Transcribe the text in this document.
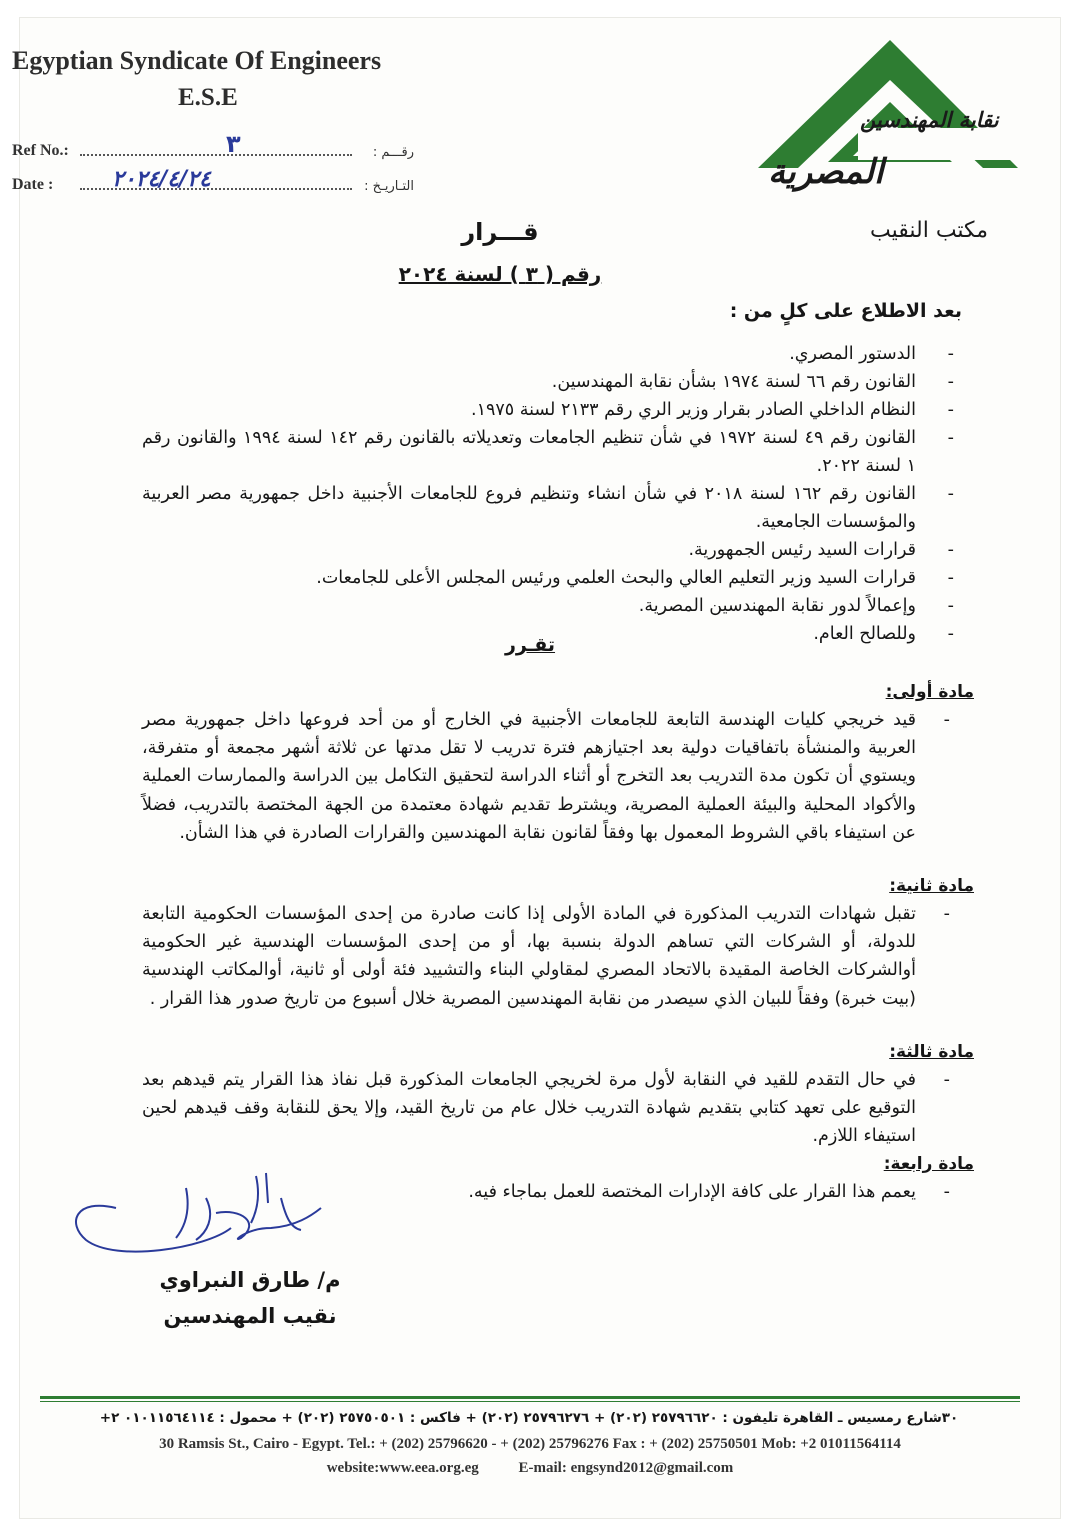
Egyptian Syndicate Of Engineers
E.S.E
Ref No.:	٣	رقـــم :
Date :	٢٠٢٤/٤/٢٤	التـاريـخ :
نقابة المهندسين
المصرية
مكتب النقيب
قـــرار
رقم ( ٣ ) لسنة ٢٠٢٤
بعد الاطلاع على كلٍ من :
- الدستور المصري.
- القانون رقم ٦٦ لسنة ١٩٧٤ بشأن نقابة المهندسين.
- النظام الداخلي الصادر بقرار وزير الري رقم ٢١٣٣ لسنة ١٩٧٥.
- القانون رقم ٤٩ لسنة ١٩٧٢ في شأن تنظيم الجامعات وتعديلاته بالقانون رقم ١٤٢ لسنة ١٩٩٤ والقانون رقم ١ لسنة ٢٠٢٢.
- القانون رقم ١٦٢ لسنة ٢٠١٨ في شأن انشاء وتنظيم فروع للجامعات الأجنبية داخل جمهورية مصر العربية والمؤسسات الجامعية.
- قرارات السيد رئيس الجمهورية.
- قرارات السيد وزير التعليم العالي والبحث العلمي ورئيس المجلس الأعلى للجامعات.
- وإعمالاً لدور نقابة المهندسين المصرية.
- وللصالح العام.
تقـرر
مادة أولى:
- قيد خريجي كليات الهندسة التابعة للجامعات الأجنبية في الخارج أو من أحد فروعها داخل جمهورية مصر العربية والمنشأة باتفاقيات دولية بعد اجتيازهم فترة تدريب لا تقل مدتها عن ثلاثة أشهر مجمعة أو متفرقة، ويستوي أن تكون مدة التدريب بعد التخرج أو أثناء الدراسة لتحقيق التكامل بين الدراسة والممارسات العملية والأكواد المحلية والبيئة العملية المصرية، ويشترط تقديم شهادة معتمدة من الجهة المختصة بالتدريب، فضلاً عن استيفاء باقي الشروط المعمول بها وفقاً لقانون نقابة المهندسين والقرارات الصادرة في هذا الشأن.
مادة ثانية:
- تقبل شهادات التدريب المذكورة في المادة الأولى إذا كانت صادرة من إحدى المؤسسات الحكومية التابعة للدولة، أو الشركات التي تساهم الدولة بنسبة بها، أو من إحدى المؤسسات الهندسية غير الحكومية أوالشركات الخاصة المقيدة بالاتحاد المصري لمقاولي البناء والتشييد فئة أولى أو ثانية، أوالمكاتب الهندسية (بيت خبرة) وفقاً للبيان الذي سيصدر من نقابة المهندسين المصرية خلال أسبوع من تاريخ صدور هذا القرار .
مادة ثالثة:
- في حال التقدم للقيد في النقابة لأول مرة لخريجي الجامعات المذكورة قبل نفاذ هذا القرار يتم قيدهم بعد التوقيع على تعهد كتابي بتقديم شهادة التدريب خلال عام من تاريخ القيد، وإلا يحق للنقابة وقف قيدهم لحين استيفاء اللازم.
مادة رابعة:
- يعمم هذا القرار على كافة الإدارات المختصة للعمل بماجاء فيه.
م/ طارق النبراوي
نقيب المهندسين
٣٠شارع رمسيس ـ القاهرة تليفون : ٢٥٧٩٦٦٢٠ (٢٠٢) + ٢٥٧٩٦٢٧٦ (٢٠٢) + فاكس : ٢٥٧٥٠٥٠١ (٢٠٢) + محمول : ٠١٠١١٥٦٤١١٤ ٢+
30 Ramsis St., Cairo - Egypt. Tel.: + (202) 25796620 - + (202) 25796276 Fax : + (202) 25750501 Mob: +2 01011564114
website:www.eea.org.eg	E-mail: engsynd2012@gmail.com
